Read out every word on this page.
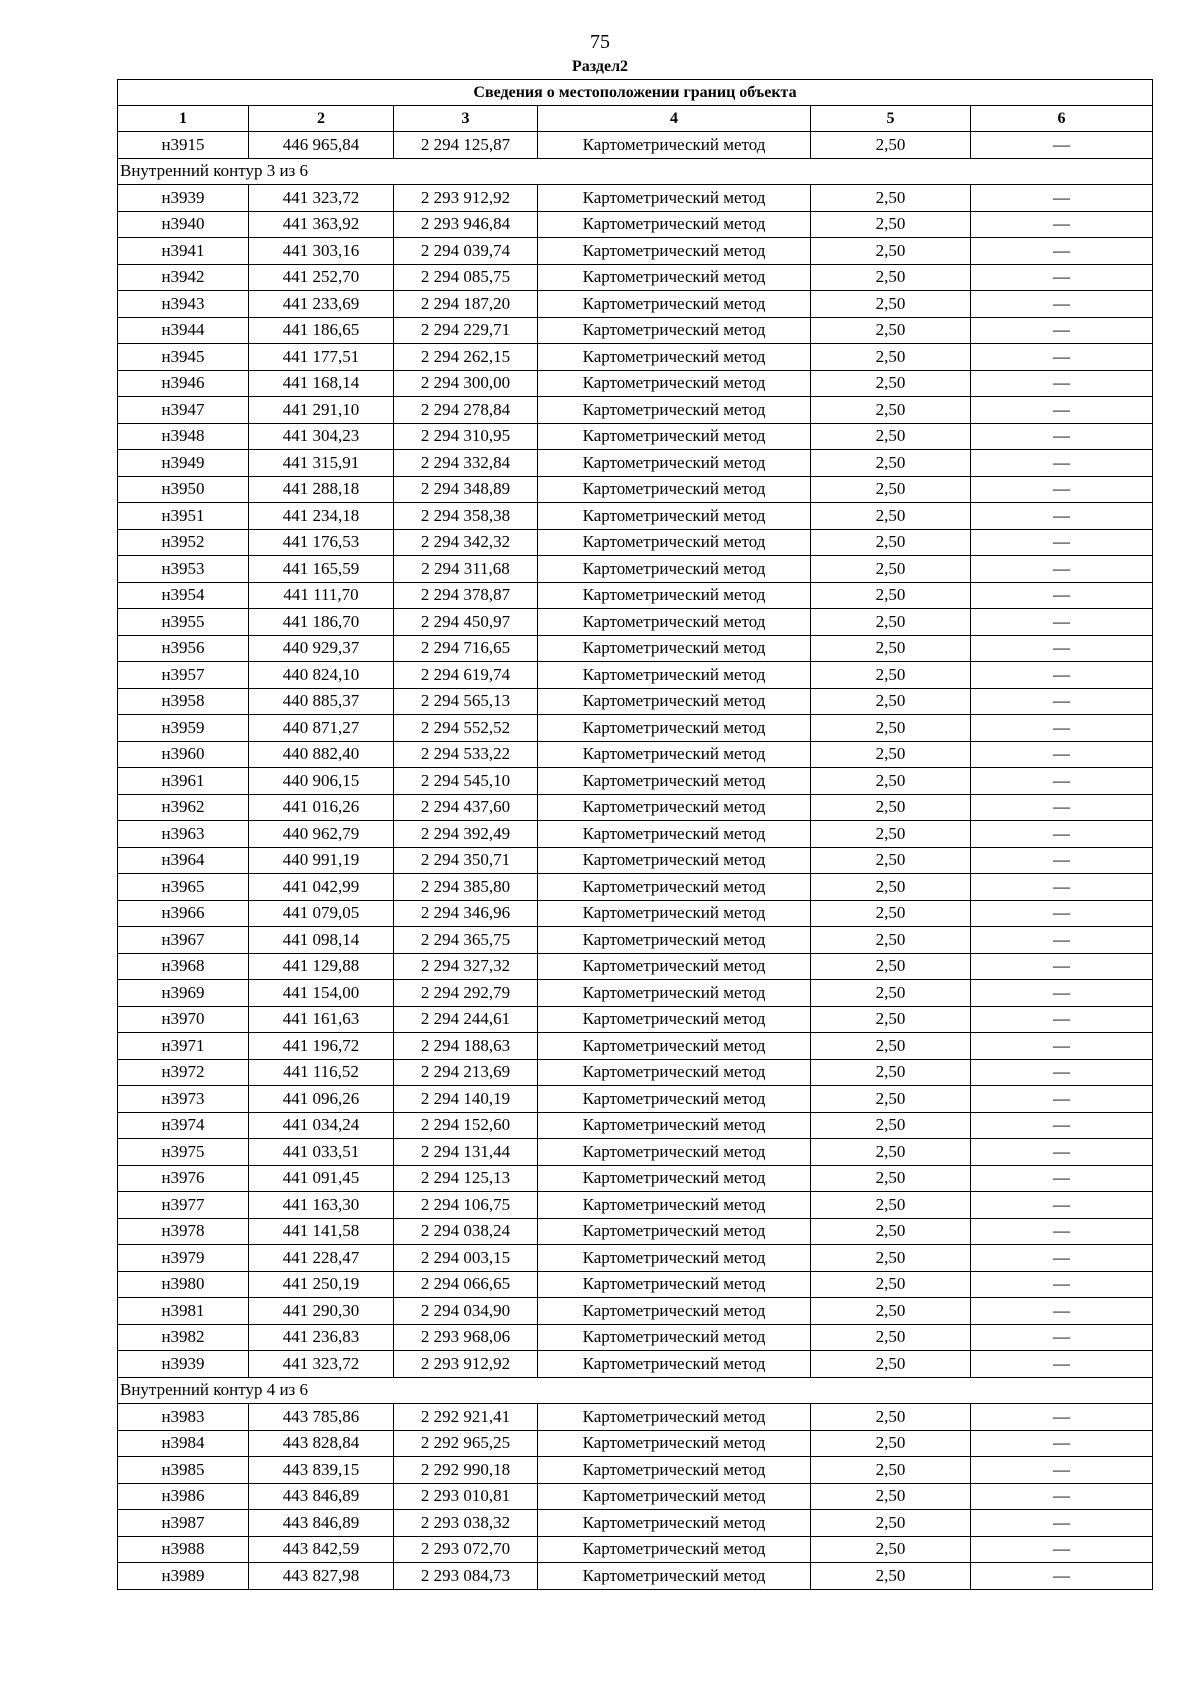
75
Раздел2
Сведения о местоположении границ объекта					
1	2	3	4	5	6
н3915	446 965,84	2 294 125,87	Картометрический метод	2,50	—
Внутренний контур 3 из 6					
н3939	441 323,72	2 293 912,92	Картометрический метод	2,50	—
н3940	441 363,92	2 293 946,84	Картометрический метод	2,50	—
н3941	441 303,16	2 294 039,74	Картометрический метод	2,50	—
н3942	441 252,70	2 294 085,75	Картометрический метод	2,50	—
н3943	441 233,69	2 294 187,20	Картометрический метод	2,50	—
н3944	441 186,65	2 294 229,71	Картометрический метод	2,50	—
н3945	441 177,51	2 294 262,15	Картометрический метод	2,50	—
н3946	441 168,14	2 294 300,00	Картометрический метод	2,50	—
н3947	441 291,10	2 294 278,84	Картометрический метод	2,50	—
н3948	441 304,23	2 294 310,95	Картометрический метод	2,50	—
н3949	441 315,91	2 294 332,84	Картометрический метод	2,50	—
н3950	441 288,18	2 294 348,89	Картометрический метод	2,50	—
н3951	441 234,18	2 294 358,38	Картометрический метод	2,50	—
н3952	441 176,53	2 294 342,32	Картометрический метод	2,50	—
н3953	441 165,59	2 294 311,68	Картометрический метод	2,50	—
н3954	441 111,70	2 294 378,87	Картометрический метод	2,50	—
н3955	441 186,70	2 294 450,97	Картометрический метод	2,50	—
н3956	440 929,37	2 294 716,65	Картометрический метод	2,50	—
н3957	440 824,10	2 294 619,74	Картометрический метод	2,50	—
н3958	440 885,37	2 294 565,13	Картометрический метод	2,50	—
н3959	440 871,27	2 294 552,52	Картометрический метод	2,50	—
н3960	440 882,40	2 294 533,22	Картометрический метод	2,50	—
н3961	440 906,15	2 294 545,10	Картометрический метод	2,50	—
н3962	441 016,26	2 294 437,60	Картометрический метод	2,50	—
н3963	440 962,79	2 294 392,49	Картометрический метод	2,50	—
н3964	440 991,19	2 294 350,71	Картометрический метод	2,50	—
н3965	441 042,99	2 294 385,80	Картометрический метод	2,50	—
н3966	441 079,05	2 294 346,96	Картометрический метод	2,50	—
н3967	441 098,14	2 294 365,75	Картометрический метод	2,50	—
н3968	441 129,88	2 294 327,32	Картометрический метод	2,50	—
н3969	441 154,00	2 294 292,79	Картометрический метод	2,50	—
н3970	441 161,63	2 294 244,61	Картометрический метод	2,50	—
н3971	441 196,72	2 294 188,63	Картометрический метод	2,50	—
н3972	441 116,52	2 294 213,69	Картометрический метод	2,50	—
н3973	441 096,26	2 294 140,19	Картометрический метод	2,50	—
н3974	441 034,24	2 294 152,60	Картометрический метод	2,50	—
н3975	441 033,51	2 294 131,44	Картометрический метод	2,50	—
н3976	441 091,45	2 294 125,13	Картометрический метод	2,50	—
н3977	441 163,30	2 294 106,75	Картометрический метод	2,50	—
н3978	441 141,58	2 294 038,24	Картометрический метод	2,50	—
н3979	441 228,47	2 294 003,15	Картометрический метод	2,50	—
н3980	441 250,19	2 294 066,65	Картометрический метод	2,50	—
н3981	441 290,30	2 294 034,90	Картометрический метод	2,50	—
н3982	441 236,83	2 293 968,06	Картометрический метод	2,50	—
н3939	441 323,72	2 293 912,92	Картометрический метод	2,50	—
Внутренний контур 4 из 6					
н3983	443 785,86	2 292 921,41	Картометрический метод	2,50	—
н3984	443 828,84	2 292 965,25	Картометрический метод	2,50	—
н3985	443 839,15	2 292 990,18	Картометрический метод	2,50	—
н3986	443 846,89	2 293 010,81	Картометрический метод	2,50	—
н3987	443 846,89	2 293 038,32	Картометрический метод	2,50	—
н3988	443 842,59	2 293 072,70	Картометрический метод	2,50	—
н3989	443 827,98	2 293 084,73	Картометрический метод	2,50	—
